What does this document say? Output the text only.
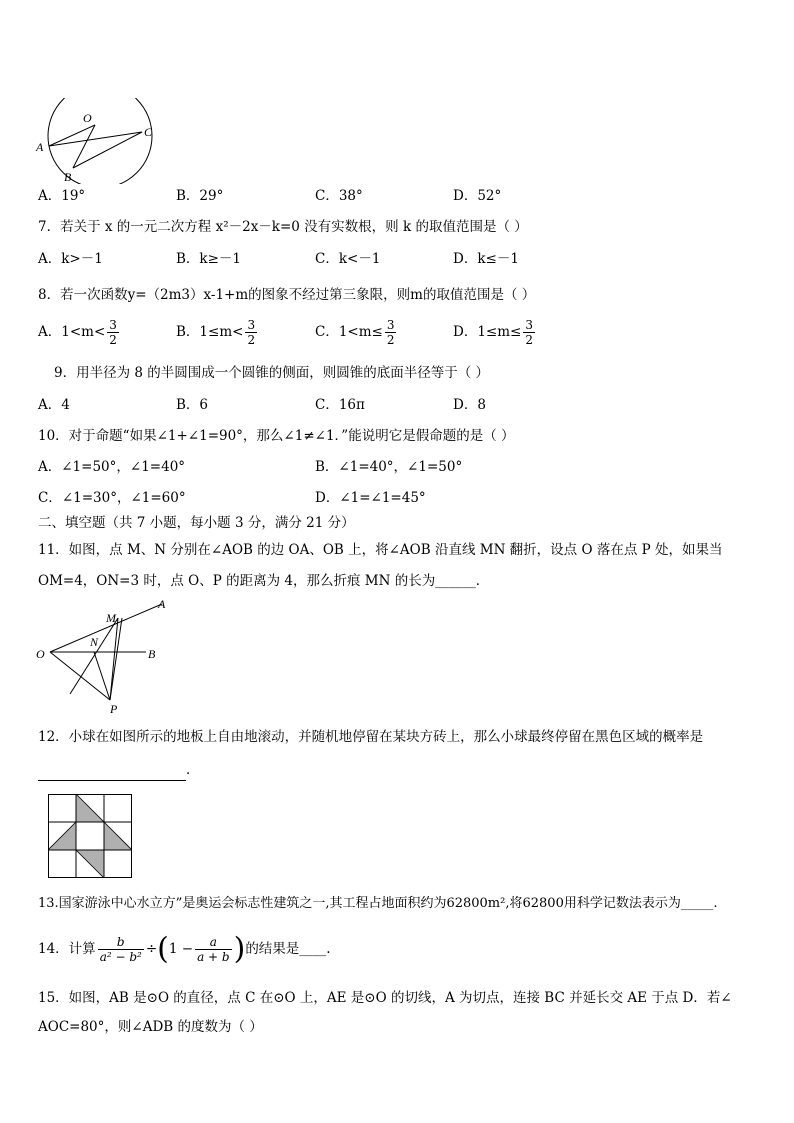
O
A
B
C
A．19°	B．29°	C．38°	D．52°
7．若关于 x 的一元二次方程 x²－2x－k=0 没有实数根，则 k 的取值范围是（ ）
A．k>－1	B．k≥－1	C．k<－1	D．k≤－1
8．若一次函数y=（2m3）x-1+m的图象不经过第三象限，则m的取值范围是（ ）
A．$1<m< \frac{3}{2}$	B．$1\le m< \frac{3}{2}$	C．$1<m\le \frac{3}{2}$	D．$1\le m\le \frac{3}{2}$
9．用半径为 8 的半圆围成一个圆锥的侧面，则圆锥的底面半径等于（ ）
A．4	B．6	C．16π	D．8
10．对于命题“如果∠1+∠1=90°，那么∠1≠∠1．”能说明它是假命题的是（ ）
A．∠1=50°，∠1=40°	B．∠1=40°，∠1=50°
C．∠1=30°，∠1=60°	D．∠1=∠1=45°
二、填空题（共 7 小题，每小题 3 分，满分 21 分）
11．如图，点 M、N 分别在∠AOB 的边 OA、OB 上，将∠AOB 沿直线 MN 翻折，设点 O 落在点 P 处，如果当
OM=4，ON=3 时，点 O、P 的距离为 4，那么折痕 MN 的长为______．
A
M
N
O	B
P
12．小球在如图所示的地板上自由地滚动，并随机地停留在某块方砖上，那么小球最终停留在黑色区域的概率是
．
13.国家游泳中心水立方”是奥运会标志性建筑之一,其工程占地面积约为62800m²,将62800用科学记数法表示为_____.
14．计算 $\frac{b}{\text{a² − b²}} \div(1 - \frac{a}{a + b}$ )的结果是____.
15．如图，AB 是⊙O 的直径，点 C 在⊙O 上，AE 是⊙O 的切线，A 为切点，连接 BC 并延长交 AE 于点 D．若∠
AOC=80°，则∠ADB 的度数为（ ）
